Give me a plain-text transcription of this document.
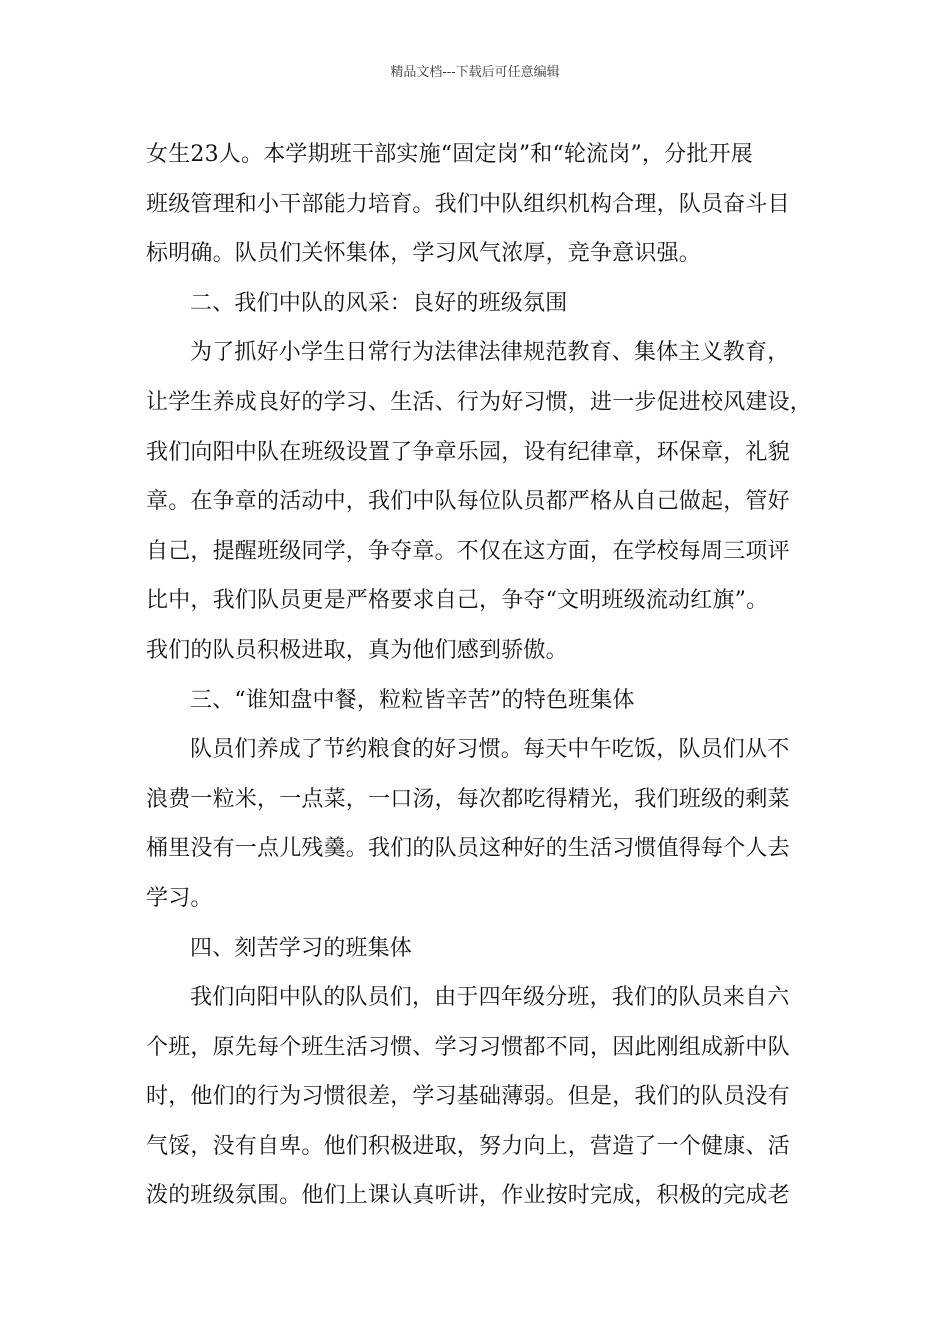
精品文档---下载后可任意编辑
女生23人。本学期班干部实施“固定岗”和“轮流岗”，分批开展
班级管理和小干部能力培育。我们中队组织机构合理，队员奋斗目
标明确。队员们关怀集体，学习风气浓厚，竞争意识强。
二、我们中队的风采：良好的班级氛围
为了抓好小学生日常行为法律法律规范教育、集体主义教育，
让学生养成良好的学习、生活、行为好习惯，进一步促进校风建设，
我们向阳中队在班级设置了争章乐园，设有纪律章，环保章，礼貌
章。在争章的活动中，我们中队每位队员都严格从自己做起，管好
自己，提醒班级同学，争夺章。不仅在这方面，在学校每周三项评
比中，我们队员更是严格要求自己，争夺“文明班级流动红旗”。
我们的队员积极进取，真为他们感到骄傲。
三、“谁知盘中餐，粒粒皆辛苦”的特色班集体
队员们养成了节约粮食的好习惯。每天中午吃饭，队员们从不
浪费一粒米，一点菜，一口汤，每次都吃得精光，我们班级的剩菜
桶里没有一点儿残羹。我们的队员这种好的生活习惯值得每个人去
学习。
四、刻苦学习的班集体
我们向阳中队的队员们，由于四年级分班，我们的队员来自六
个班，原先每个班生活习惯、学习习惯都不同，因此刚组成新中队
时，他们的行为习惯很差，学习基础薄弱。但是，我们的队员没有
气馁，没有自卑。他们积极进取，努力向上，营造了一个健康、活
泼的班级氛围。他们上课认真听讲，作业按时完成，积极的完成老
